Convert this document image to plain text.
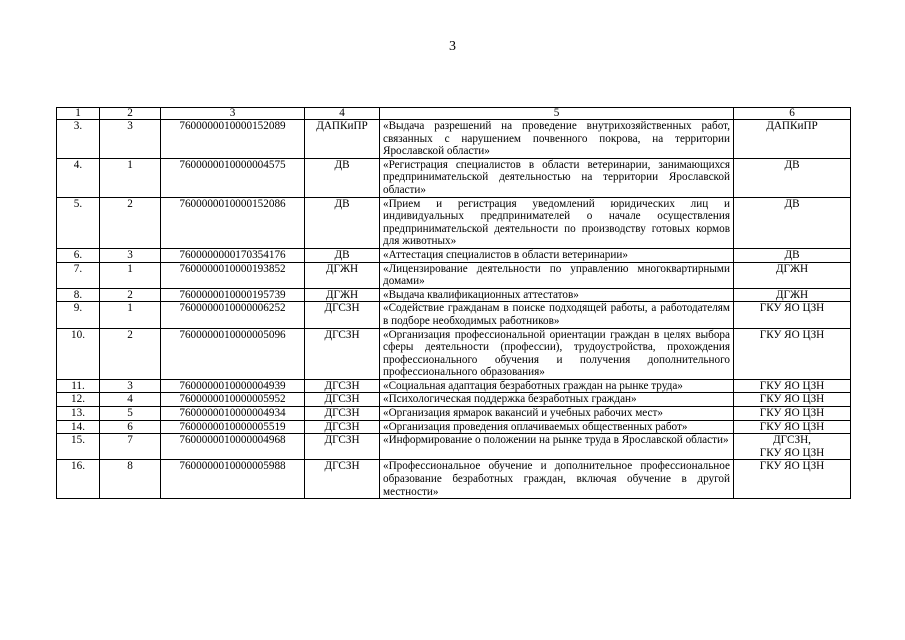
3
1	2	3	4	5	6
3.	3	7600000010000152089	ДАПКиПР	«Выдача разрешений на проведение внутрихозяйственных работ, связанных с нарушением почвенного покрова, на территории Ярославской области»	ДАПКиПР

4.	1	7600000010000004575	ДВ	«Регистрация специалистов в области ветеринарии, занимающихся предпринимательской деятельностью на территории Ярославской области»	ДВ

5.	2	7600000010000152086	ДВ	«Прием и регистрация уведомлений юридических лиц и индивидуальных предпринимателей о начале осуществления предпринимательской деятельности по производству готовых кормов для животных»	ДВ

6.	3	7600000000170354176	ДВ	«Аттестация специалистов в области ветеринарии»	ДВ

7.	1	7600000010000193852	ДГЖН	«Лицензирование деятельности по управлению многоквартирными домами»	ДГЖН

8.	2	7600000010000195739	ДГЖН	«Выдача квалификационных аттестатов»	ДГЖН

9.	1	7600000010000006252	ДГСЗН	«Содействие гражданам в поиске подходящей работы, а работодателям в подборе необходимых работников»	ГКУ ЯО ЦЗН

10.	2	7600000010000005096	ДГСЗН	«Организация профессиональной ориентации граждан в целях выбора сферы деятельности (профессии), трудоустройства, прохождения профессионального обучения и получения дополнительного профессионального образования»	ГКУ ЯО ЦЗН

11.	3	7600000010000004939	ДГСЗН	«Социальная адаптация безработных граждан на рынке труда»	ГКУ ЯО ЦЗН

12.	4	7600000010000005952	ДГСЗН	«Психологическая поддержка безработных граждан»	ГКУ ЯО ЦЗН

13.	5	7600000010000004934	ДГСЗН	«Организация ярмарок вакансий и учебных рабочих мест»	ГКУ ЯО ЦЗН

14.	6	7600000010000005519	ДГСЗН	«Организация проведения оплачиваемых общественных работ»	ГКУ ЯО ЦЗН

15.	7	7600000010000004968	ДГСЗН	«Информирование о положении на рынке труда в Ярославской области»	ДГСЗН,
ГКУ ЯО ЦЗН

16.	8	7600000010000005988	ДГСЗН	«Профессиональное обучение и дополнительное профессиональное образование безработных граждан, включая обучение в другой местности»	ГКУ ЯО ЦЗН
